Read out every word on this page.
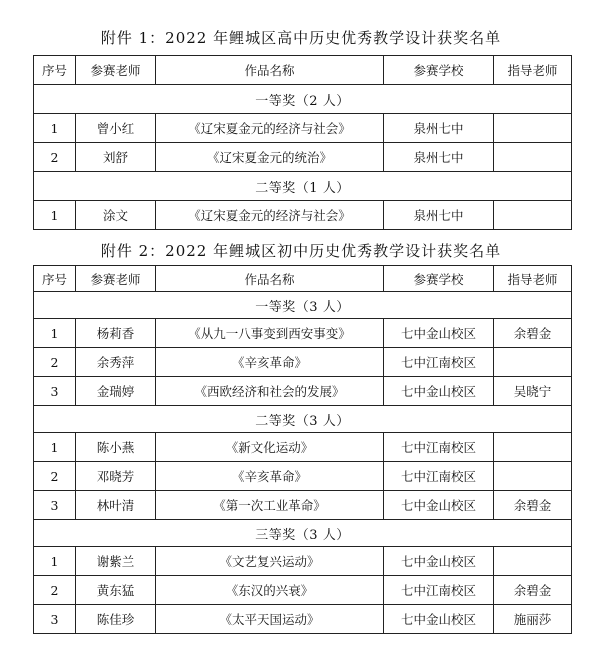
附件 1：2022 年鲤城区高中历史优秀教学设计获奖名单
序号	参赛老师	作品名称	参赛学校	指导老师
一等奖（2 人）				
1	曾小红	《辽宋夏金元的经济与社会》	泉州七中	
2	刘舒	《辽宋夏金元的统治》	泉州七中	
二等奖（1 人）				
1	涂文	《辽宋夏金元的经济与社会》	泉州七中	
附件 2：2022 年鲤城区初中历史优秀教学设计获奖名单
序号	参赛老师	作品名称	参赛学校	指导老师
一等奖（3 人）				
1	杨莉香	《从九一八事变到西安事变》	七中金山校区	余碧金
2	余秀萍	《辛亥革命》	七中江南校区	
3	金瑞婷	《西欧经济和社会的发展》	七中金山校区	吴晓宁
二等奖（3 人）				
1	陈小燕	《新文化运动》	七中江南校区	
2	邓晓芳	《辛亥革命》	七中江南校区	
3	林叶清	《第一次工业革命》	七中金山校区	余碧金
三等奖（3 人）				
1	谢紫兰	《文艺复兴运动》	七中金山校区	
2	黄东猛	《东汉的兴衰》	七中江南校区	余碧金
3	陈佳珍	《太平天国运动》	七中金山校区	施丽莎
